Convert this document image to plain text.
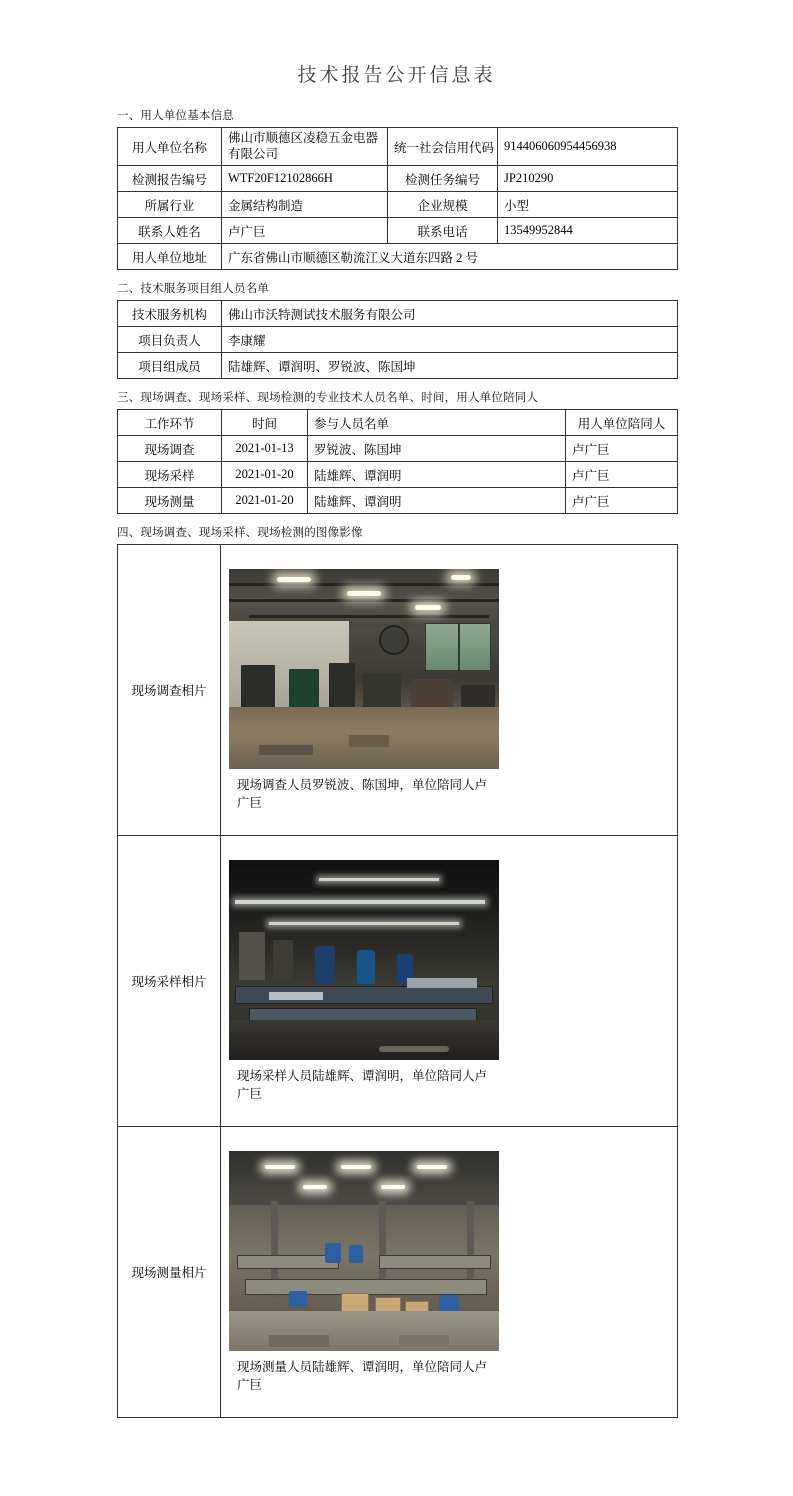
技术报告公开信息表
一、用人单位基本信息
用人单位名称	佛山市顺德区凌稳五金电器有限公司	统一社会信用代码	914406060954456938

检测报告编号	WTF20F12102866H	检测任务编号	JP210290
所属行业	金属结构制造	企业规模	小型
联系人姓名	卢广巨	联系电话	13549952844
用人单位地址	广东省佛山市顺德区勒流江义大道东四路 2 号		
二、技术服务项目组人员名单
技术服务机构	佛山市沃特测试技术服务有限公司
项目负责人	李康耀
项目组成员	陆雄辉、谭润明、罗锐波、陈国坤
三、现场调查、现场采样、现场检测的专业技术人员名单、时间，用人单位陪同人
工作环节	时间	参与人员名单	用人单位陪同人
现场调查	2021-01-13	罗锐波、陈国坤	卢广巨
现场采样	2021-01-20	陆雄辉、谭润明	卢广巨
现场测量	2021-01-20	陆雄辉、谭润明	卢广巨
四、现场调查、现场采样、现场检测的图像影像
现场调查相片	现场调查人员罗锐波、陈国坤，单位陪同人卢广巨

现场采样相片	现场采样人员陆雄辉、谭润明，单位陪同人卢广巨

现场测量相片	现场测量人员陆雄辉、谭润明，单位陪同人卢广巨
